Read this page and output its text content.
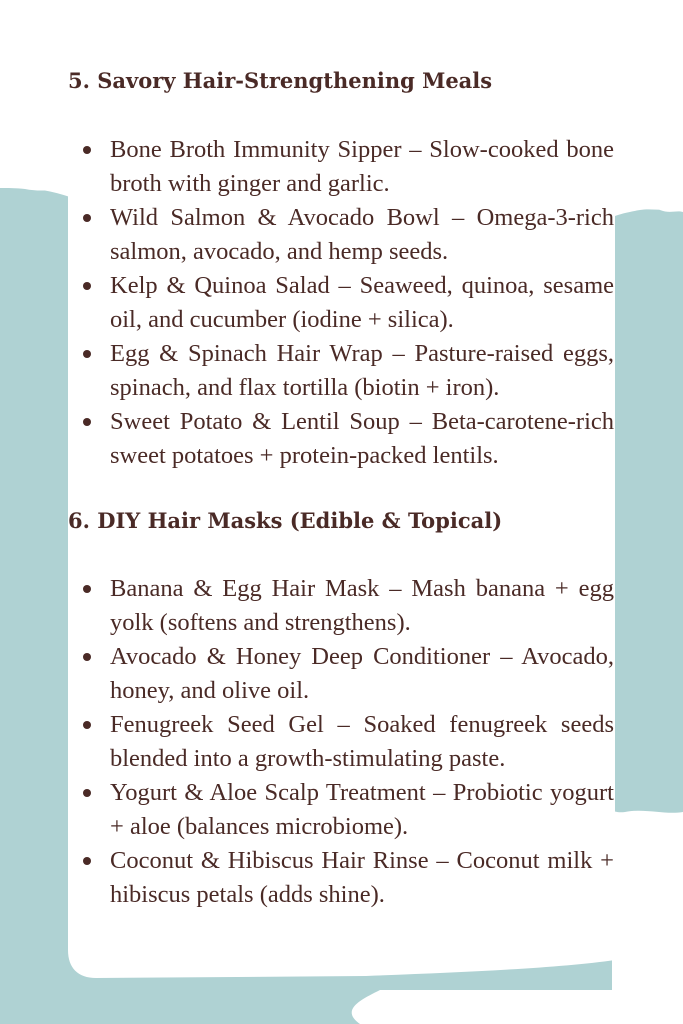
5. Savory Hair-Strengthening Meals
Bone Broth Immunity Sipper – Slow-cooked bone broth with ginger and garlic.
Wild Salmon & Avocado Bowl – Omega-3-rich salmon, avocado, and hemp seeds.
Kelp & Quinoa Salad – Seaweed, quinoa, sesame oil, and cucumber (iodine + silica).
Egg & Spinach Hair Wrap – Pasture-raised eggs, spinach, and flax tortilla (biotin + iron).
Sweet Potato & Lentil Soup – Beta-carotene-rich sweet potatoes + protein-packed lentils.
6. DIY Hair Masks (Edible & Topical)
Banana & Egg Hair Mask – Mash banana + egg yolk (softens and strengthens).
Avocado & Honey Deep Conditioner – Avocado, honey, and olive oil.
Fenugreek Seed Gel – Soaked fenugreek seeds blended into a growth-stimulating paste.
Yogurt & Aloe Scalp Treatment – Probiotic yogurt + aloe (balances microbiome).
Coconut & Hibiscus Hair Rinse – Coconut milk + hibiscus petals (adds shine).
